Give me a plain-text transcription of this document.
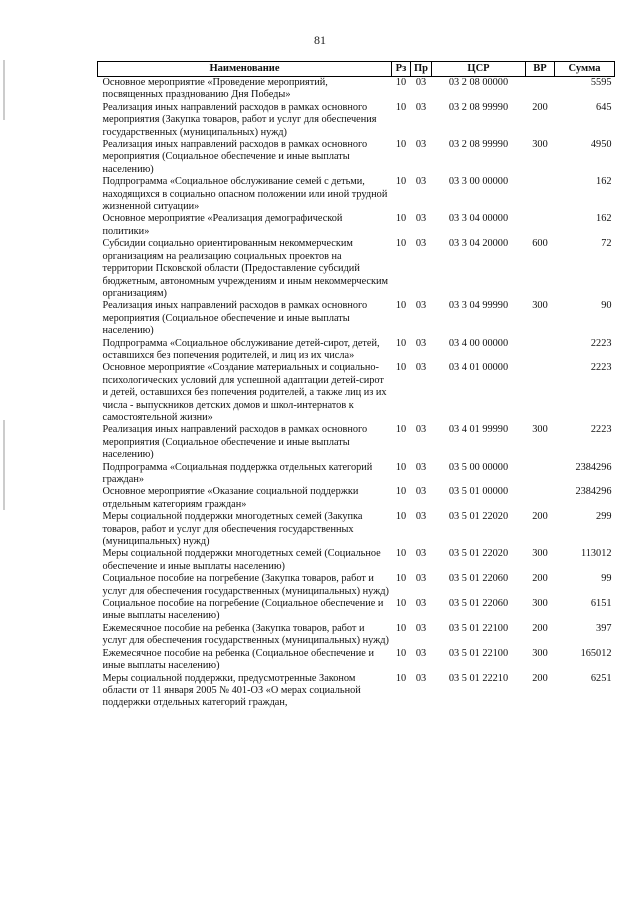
81
Наименование	Рз	Пр	ЦСР	ВР	Сумма
Основное мероприятие «Проведение мероприятий, посвященных празднованию Дня Победы»	10	03	03 2 08 00000		5595
Реализация иных направлений расходов в рамках основного мероприятия (Закупка товаров, работ и услуг для обеспечения государственных (муниципальных) нужд)	10	03	03 2 08 99990	200	645
Реализация иных направлений расходов в рамках основного мероприятия (Социальное обеспечение и иные выплаты населению)	10	03	03 2 08 99990	300	4950
Подпрограмма «Социальное обслуживание семей с детьми, находящихся в социально опасном положении или иной трудной жизненной ситуации»	10	03	03 3 00 00000		162
Основное мероприятие «Реализация демографической политики»	10	03	03 3 04 00000		162
Субсидии социально ориентированным некоммерческим организациям на реализацию социальных проектов на территории Псковской области (Предоставление субсидий бюджетным, автономным учреждениям и иным некоммерческим организациям)	10	03	03 3 04 20000	600	72
Реализация иных направлений расходов в рамках основного мероприятия (Социальное обеспечение и иные выплаты населению)	10	03	03 3 04 99990	300	90
Подпрограмма «Социальное обслуживание детей-сирот, детей, оставшихся без попечения родителей, и лиц из их числа»	10	03	03 4 00 00000		2223
Основное мероприятие «Создание материальных и социально-психологических условий для успешной адаптации детей-сирот и детей, оставшихся без попечения родителей, а также лиц из их числа - выпускников детских домов и школ-интернатов к самостоятельной жизни»	10	03	03 4 01 00000		2223
Реализация иных направлений расходов в рамках основного мероприятия (Социальное обеспечение и иные выплаты населению)	10	03	03 4 01 99990	300	2223
Подпрограмма «Социальная поддержка отдельных категорий граждан»	10	03	03 5 00 00000		2384296
Основное мероприятие «Оказание социальной поддержки отдельным категориям граждан»	10	03	03 5 01 00000		2384296
Меры социальной поддержки многодетных семей (Закупка товаров, работ и услуг для обеспечения государственных (муниципальных) нужд)	10	03	03 5 01 22020	200	299
Меры социальной поддержки многодетных семей (Социальное обеспечение и иные выплаты населению)	10	03	03 5 01 22020	300	113012
Социальное пособие на погребение (Закупка товаров, работ и услуг для обеспечения государственных (муниципальных) нужд)	10	03	03 5 01 22060	200	99
Социальное пособие на погребение (Социальное обеспечение и иные выплаты населению)	10	03	03 5 01 22060	300	6151
Ежемесячное пособие на ребенка (Закупка товаров, работ и услуг для обеспечения государственных (муниципальных) нужд)	10	03	03 5 01 22100	200	397
Ежемесячное пособие на ребенка (Социальное обеспечение и иные выплаты населению)	10	03	03 5 01 22100	300	165012
Меры социальной поддержки, предусмотренные Законом области от 11 января 2005 № 401-ОЗ «О мерах социальной поддержки отдельных категорий граждан,	10	03	03 5 01 22210	200	6251
